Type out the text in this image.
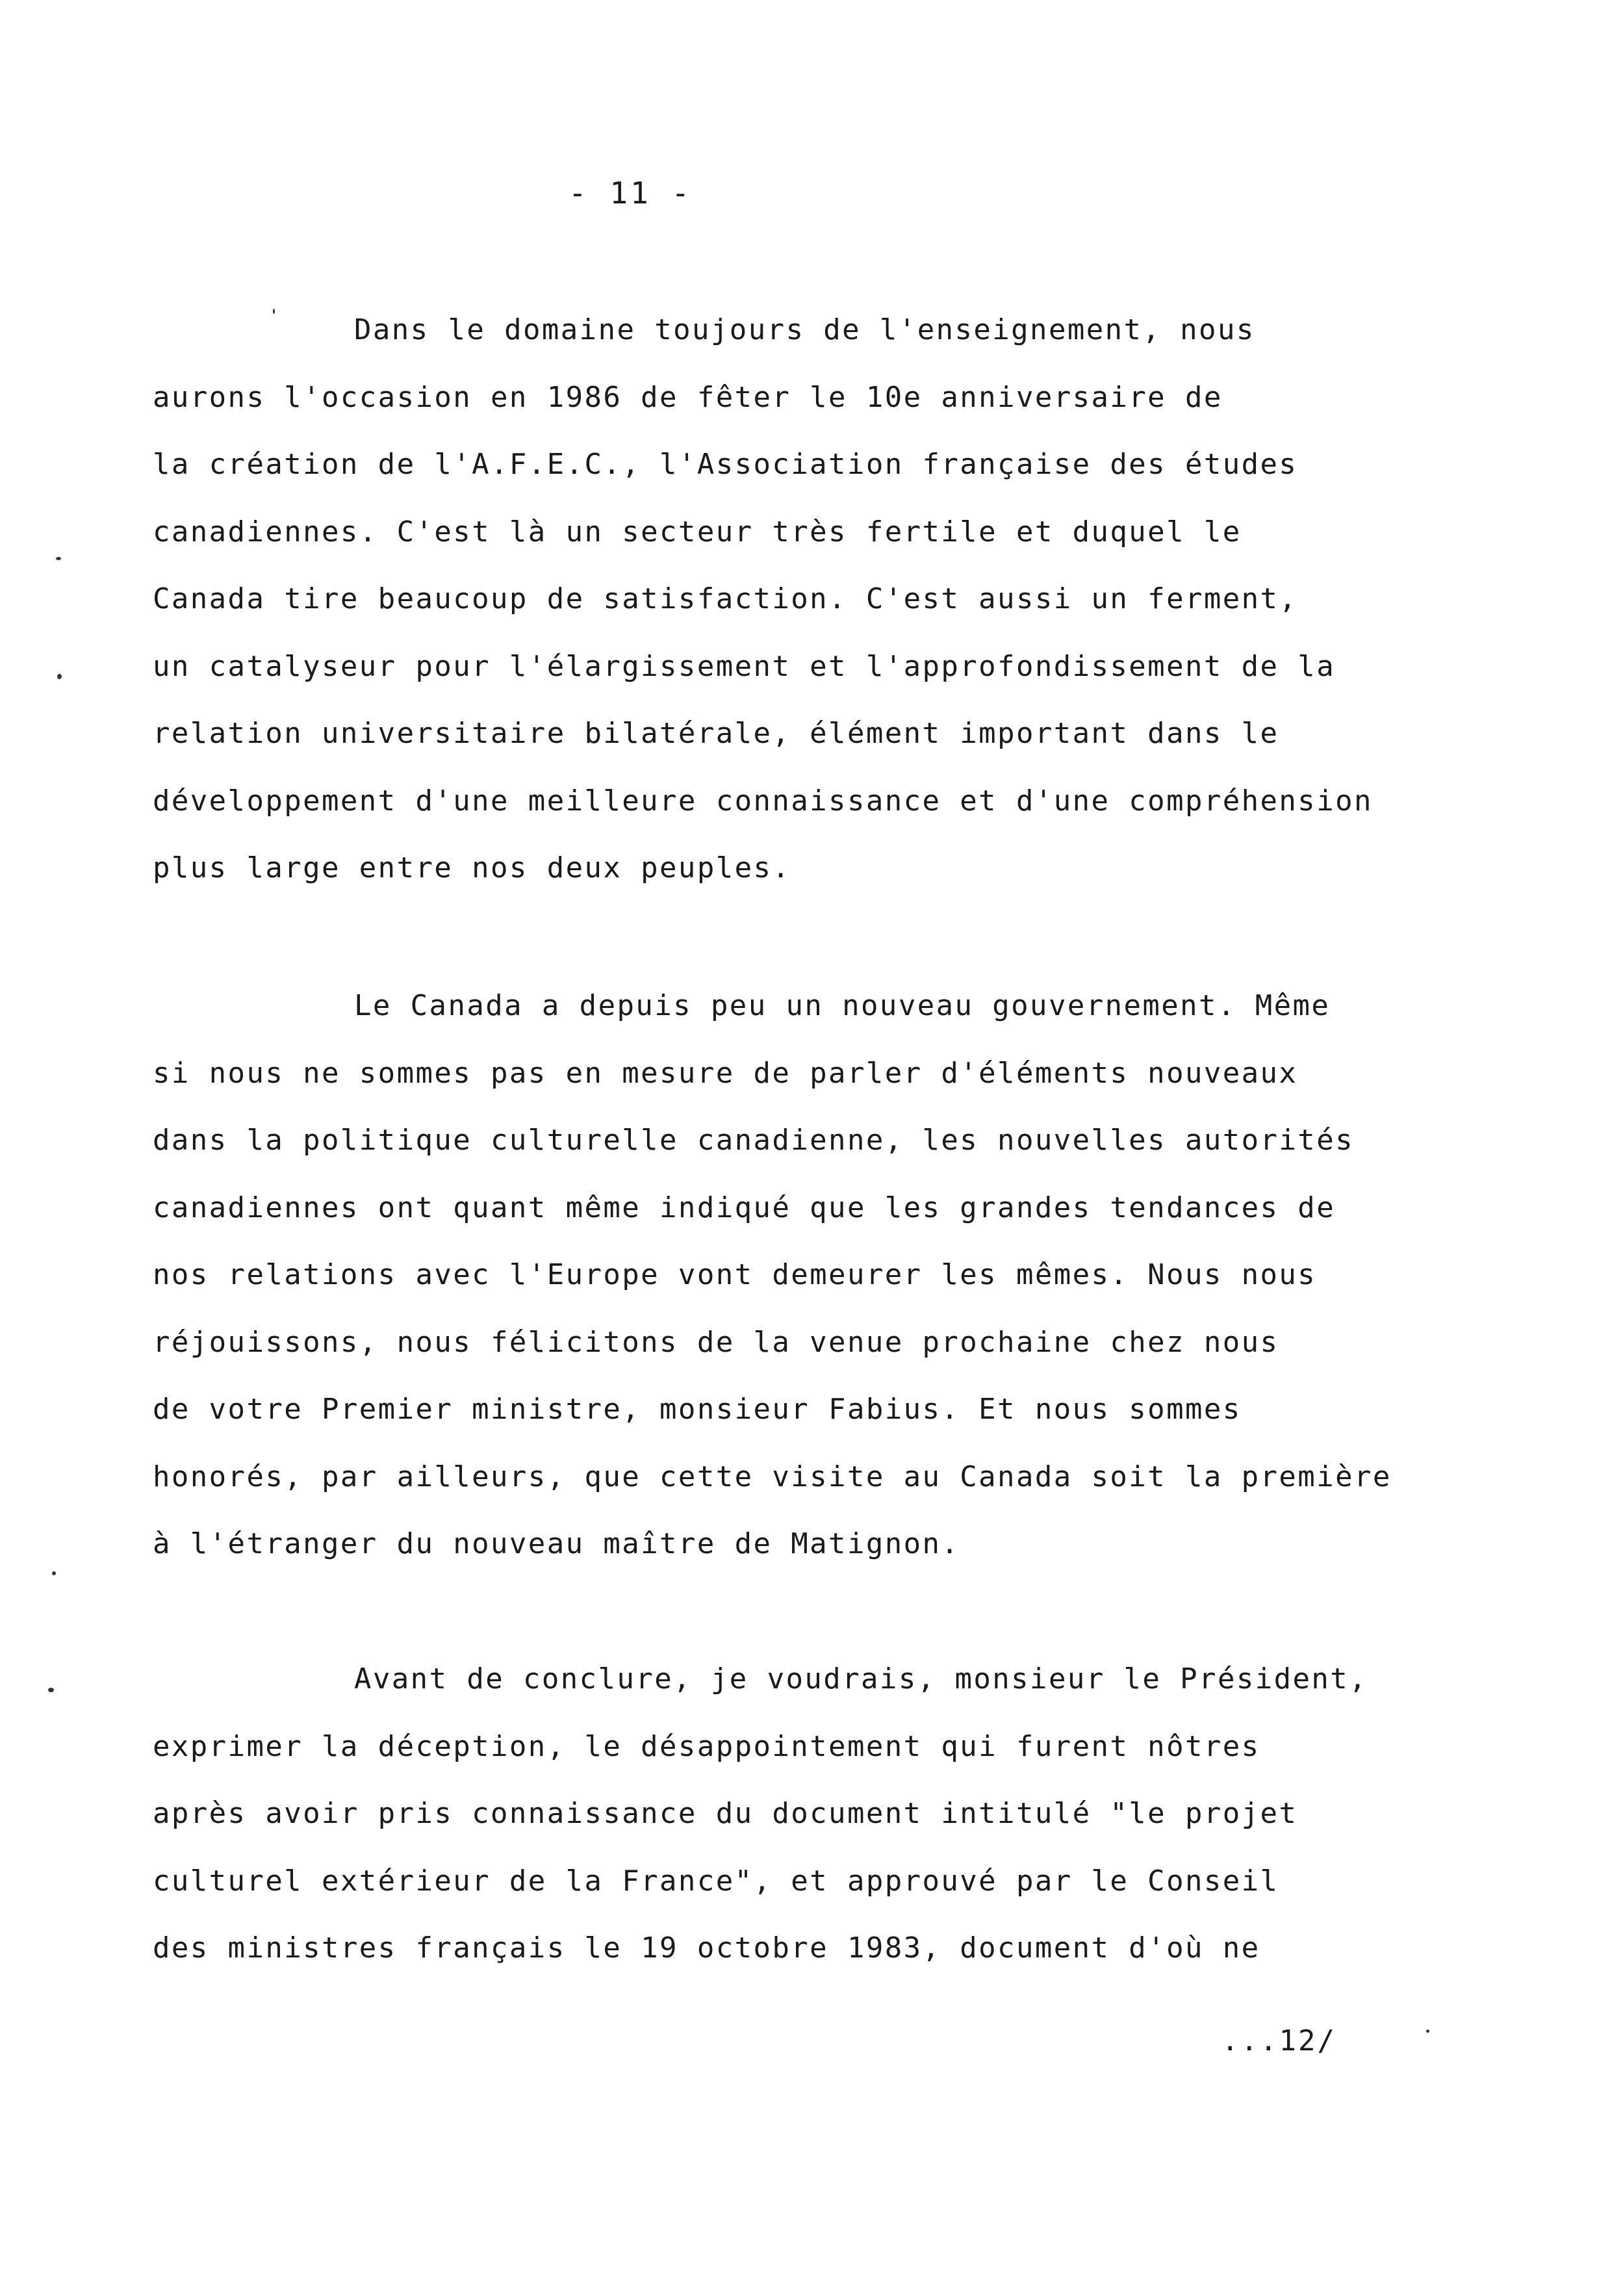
- 11 -
Dans le domaine toujours de l'enseignement, nous
aurons l'occasion en 1986 de fêter le 10e anniversaire de
la création de l'A.F.E.C., l'Association française des études
canadiennes. C'est là un secteur très fertile et duquel le
Canada tire beaucoup de satisfaction. C'est aussi un ferment,
un catalyseur pour l'élargissement et l'approfondissement de la
relation universitaire bilatérale, élément important dans le
développement d'une meilleure connaissance et d'une compréhension
plus large entre nos deux peuples.
Le Canada a depuis peu un nouveau gouvernement. Même
si nous ne sommes pas en mesure de parler d'éléments nouveaux
dans la politique culturelle canadienne, les nouvelles autorités
canadiennes ont quant même indiqué que les grandes tendances de
nos relations avec l'Europe vont demeurer les mêmes. Nous nous
réjouissons, nous félicitons de la venue prochaine chez nous
de votre Premier ministre, monsieur Fabius. Et nous sommes
honorés, par ailleurs, que cette visite au Canada soit la première
à l'étranger du nouveau maître de Matignon.
Avant de conclure, je voudrais, monsieur le Président,
exprimer la déception, le désappointement qui furent nôtres
après avoir pris connaissance du document intitulé "le projet
culturel extérieur de la France", et approuvé par le Conseil
des ministres français le 19 octobre 1983, document d'où ne
...12/
